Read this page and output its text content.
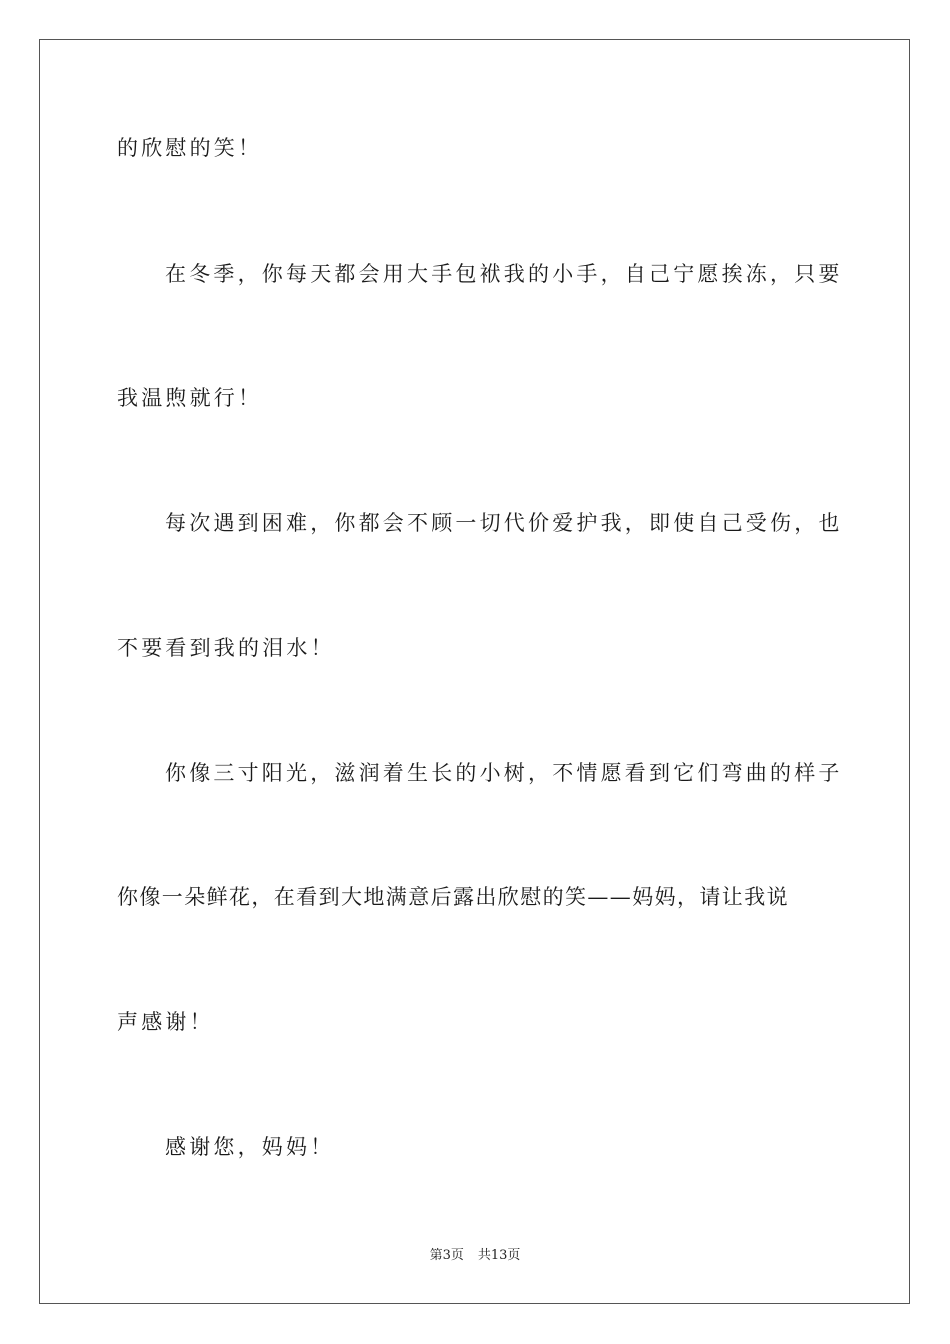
的欣慰的笑！
在冬季，你每天都会用大手包袱我的小手，自己宁愿挨冻，只要
我温煦就行！
每次遇到困难，你都会不顾一切代价爱护我，即使自己受伤，也
不要看到我的泪水！
你像三寸阳光，滋润着生长的小树，不情愿看到它们弯曲的样子
你像一朵鲜花，在看到大地满意后露出欣慰的笑——妈妈，请让我说
声感谢！
感谢您，妈妈！
第3页 共13页
